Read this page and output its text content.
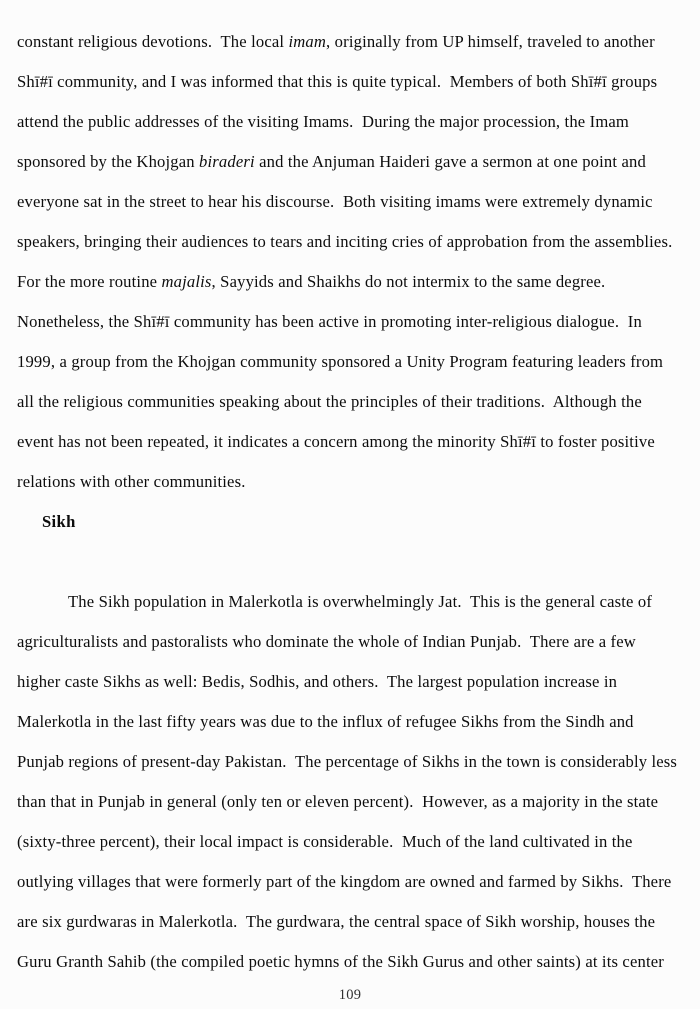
constant religious devotions.  The local imam, originally from UP himself, traveled to another
Shī#ī community, and I was informed that this is quite typical.  Members of both Shī#ī groups
attend the public addresses of the visiting Imams.  During the major procession, the Imam
sponsored by the Khojgan biraderi and the Anjuman Haideri gave a sermon at one point and
everyone sat in the street to hear his discourse.  Both visiting imams were extremely dynamic
speakers, bringing their audiences to tears and inciting cries of approbation from the assemblies.
For the more routine majalis, Sayyids and Shaikhs do not intermix to the same degree.
Nonetheless, the Shī#ī community has been active in promoting inter-religious dialogue.  In
1999, a group from the Khojgan community sponsored a Unity Program featuring leaders from
all the religious communities speaking about the principles of their traditions.  Although the
event has not been repeated, it indicates a concern among the minority Shī#ī to foster positive
relations with other communities.
Sikh
The Sikh population in Malerkotla is overwhelmingly Jat.  This is the general caste of
agriculturalists and pastoralists who dominate the whole of Indian Punjab.  There are a few
higher caste Sikhs as well: Bedis, Sodhis, and others.  The largest population increase in
Malerkotla in the last fifty years was due to the influx of refugee Sikhs from the Sindh and
Punjab regions of present-day Pakistan.  The percentage of Sikhs in the town is considerably less
than that in Punjab in general (only ten or eleven percent).  However, as a majority in the state
(sixty-three percent), their local impact is considerable.  Much of the land cultivated in the
outlying villages that were formerly part of the kingdom are owned and farmed by Sikhs.  There
are six gurdwaras in Malerkotla.  The gurdwara, the central space of Sikh worship, houses the
Guru Granth Sahib (the compiled poetic hymns of the Sikh Gurus and other saints) at its center
109
